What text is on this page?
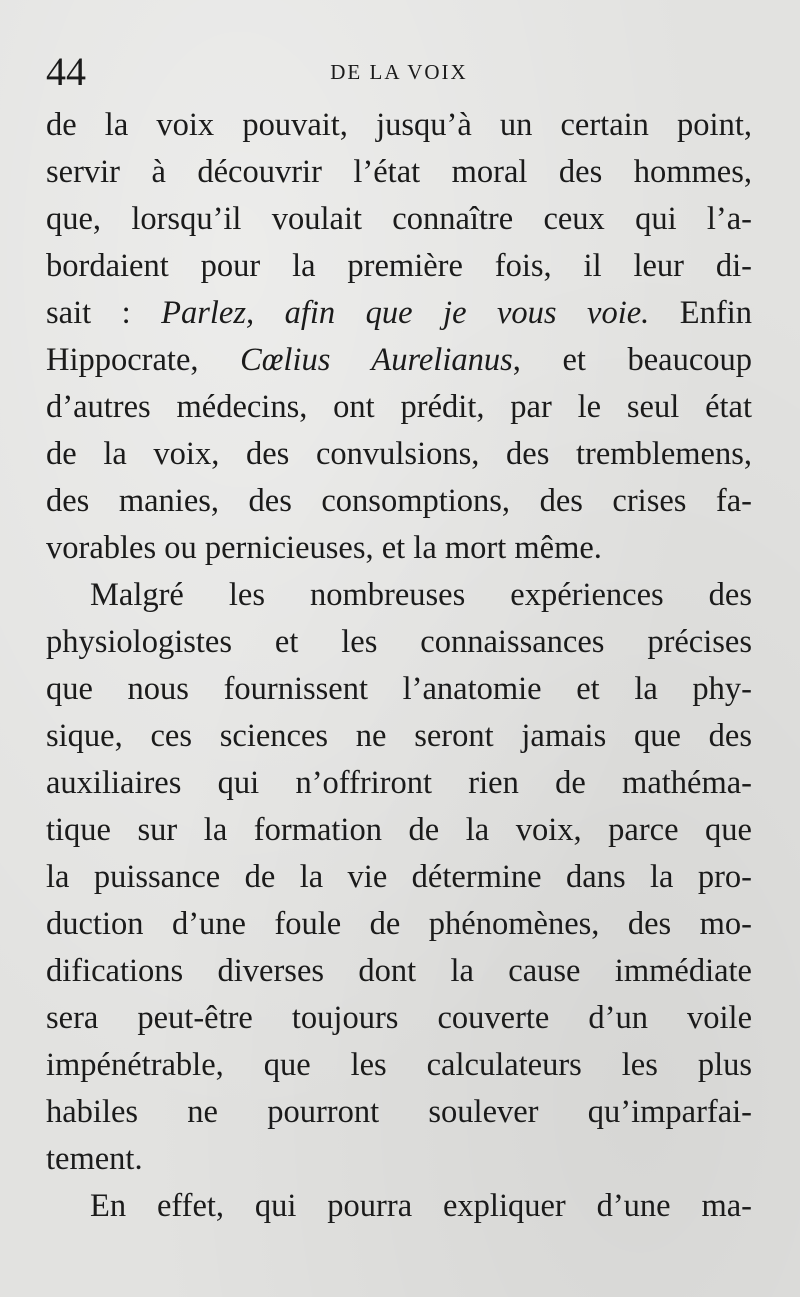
44	DE LA VOIX
de la voix pouvait, jusqu’à un certain point,
servir à découvrir l’état moral des hommes,
que, lorsqu’il voulait connaître ceux qui l’a-
bordaient pour la première fois, il leur di-
sait : Parlez, afin que je vous voie. Enfin
Hippocrate, Cœlius Aurelianus, et beaucoup
d’autres médecins, ont prédit, par le seul état
de la voix, des convulsions, des tremblemens,
des manies, des consomptions, des crises fa-
vorables ou pernicieuses, et la mort même.
Malgré les nombreuses expériences des
physiologistes et les connaissances précises
que nous fournissent l’anatomie et la phy-
sique, ces sciences ne seront jamais que des
auxiliaires qui n’offriront rien de mathéma-
tique sur la formation de la voix, parce que
la puissance de la vie détermine dans la pro-
duction d’une foule de phénomènes, des mo-
difications diverses dont la cause immédiate
sera peut-être toujours couverte d’un voile
impénétrable, que les calculateurs les plus
habiles ne pourront soulever qu’imparfai-
tement.
En effet, qui pourra expliquer d’une ma-
